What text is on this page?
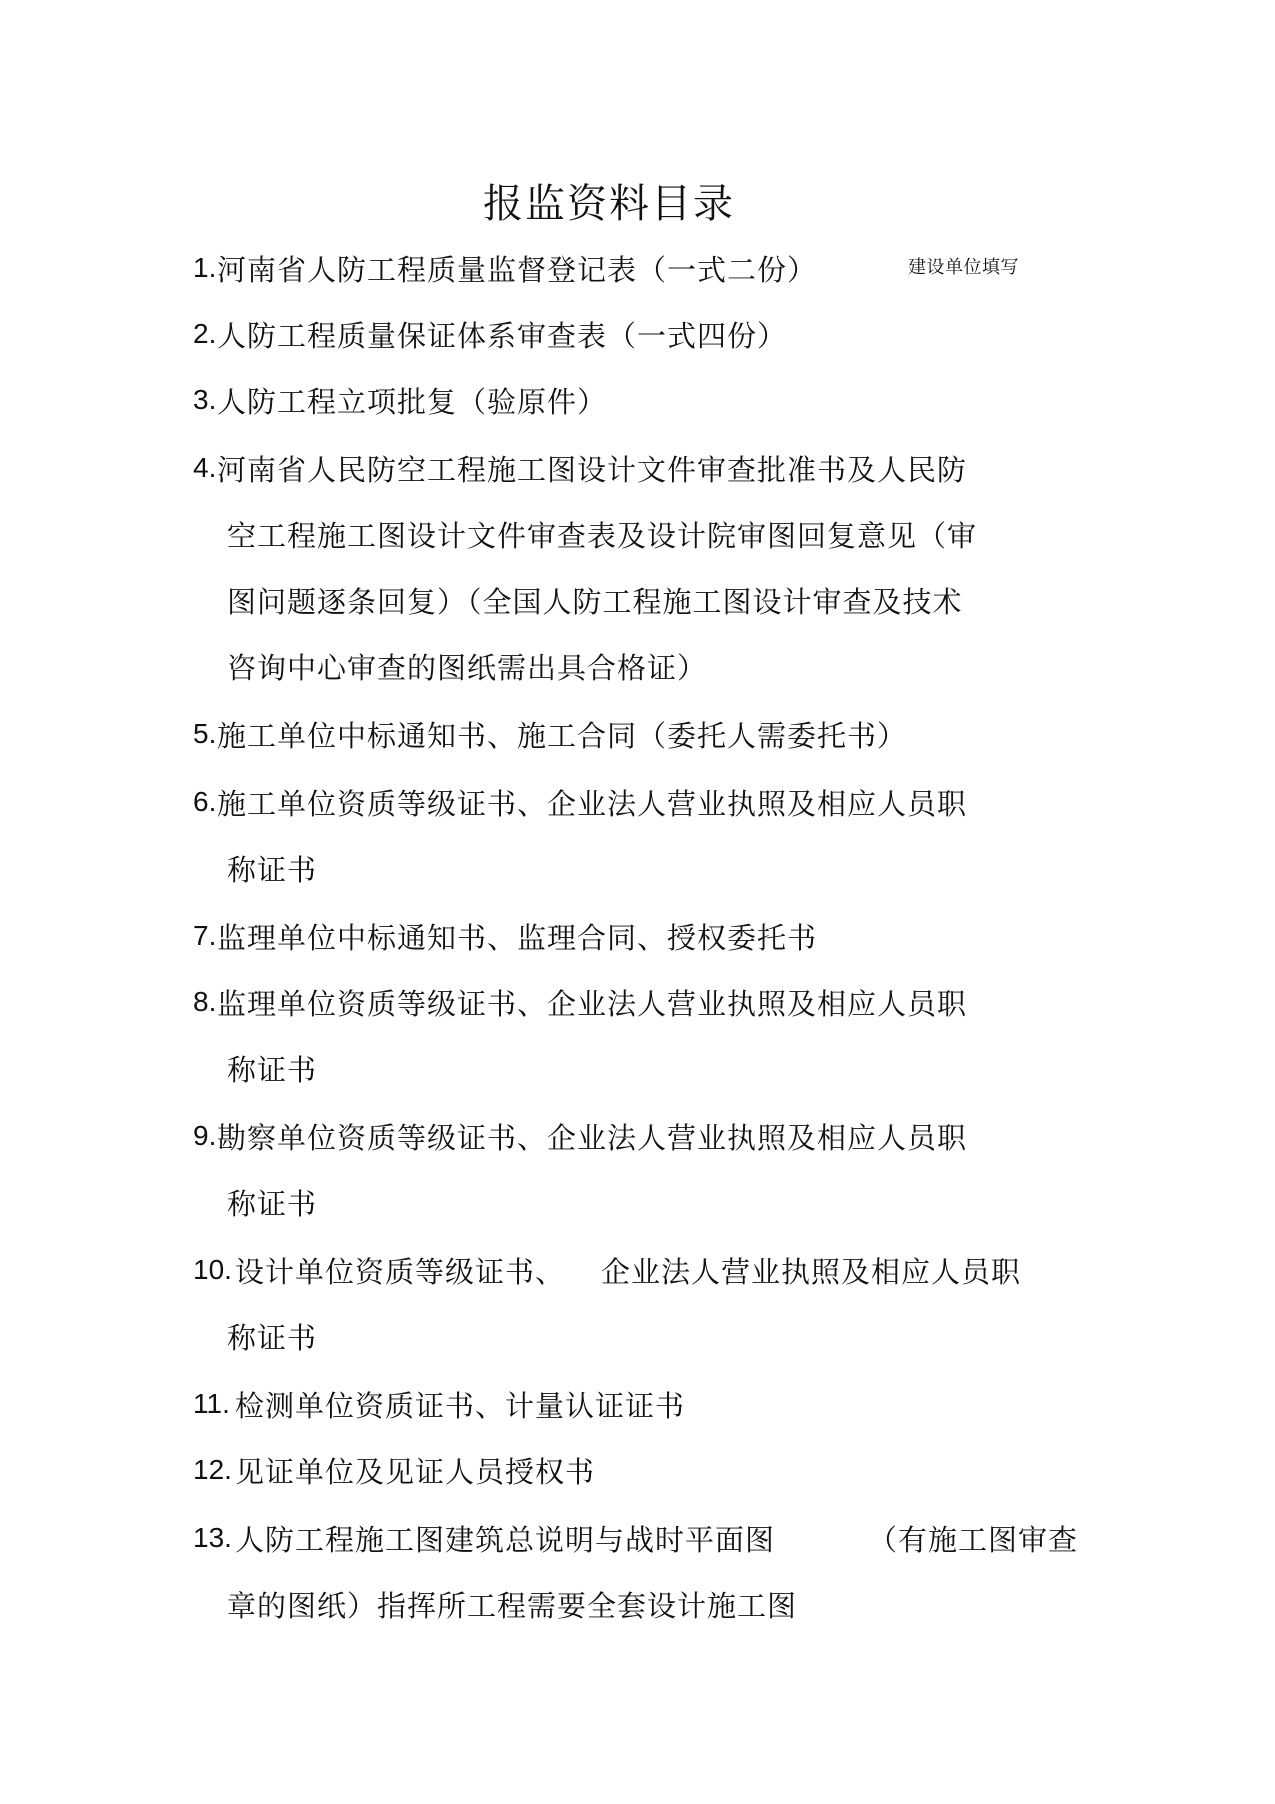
报监资料目录
1. 河南省人防工程质量监督登记表（一式二份）	建设单位填写
2. 人防工程质量保证体系审查表（一式四份）
3. 人防工程立项批复（验原件）
4. 河南省人民防空工程施工图设计文件审查批准书及人民防
空工程施工图设计文件审查表及设计院审图回复意见（审
图问题逐条回复）（全国人防工程施工图设计审查及技术
咨询中心审查的图纸需出具合格证）
5. 施工单位中标通知书、施工合同（委托人需委托书）
6. 施工单位资质等级证书、企业法人营业执照及相应人员职
称证书
7. 监理单位中标通知书、监理合同、授权委托书
8. 监理单位资质等级证书、企业法人营业执照及相应人员职
称证书
9. 勘察单位资质等级证书、企业法人营业执照及相应人员职
称证书
10. 设计单位资质等级证书、 企业法人营业执照及相应人员职
称证书
11. 检测单位资质证书、计量认证证书
12. 见证单位及见证人员授权书
13. 人防工程施工图建筑总说明与战时平面图	（有施工图审查
章的图纸）指挥所工程需要全套设计施工图
